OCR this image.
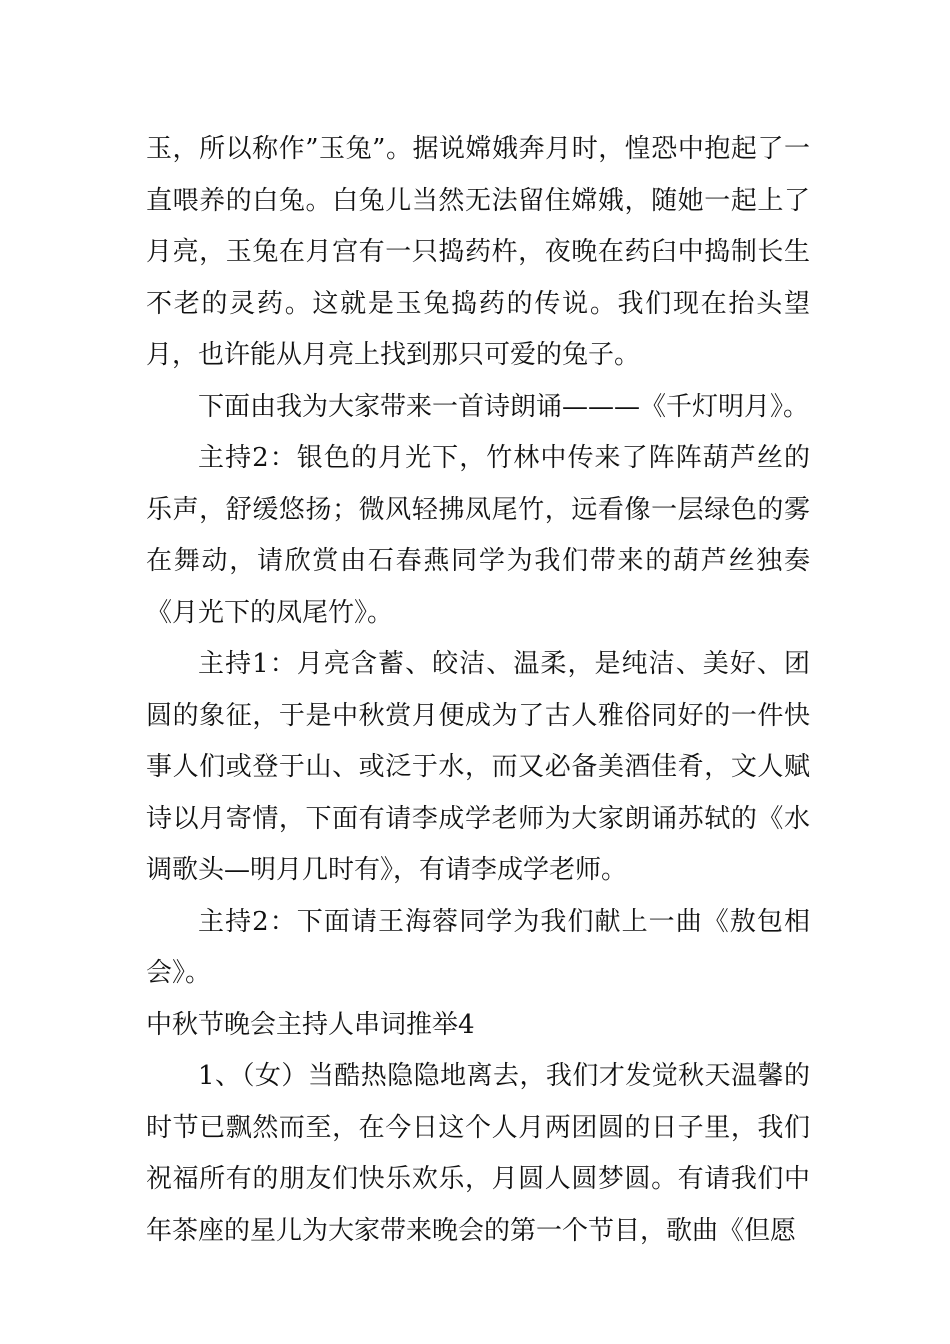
玉，所以称作”玉兔”。据说嫦娥奔月时，惶恐中抱起了一直喂养的白兔。白兔儿当然无法留住嫦娥，随她一起上了月亮，玉兔在月宫有一只捣药杵，夜晚在药臼中捣制长生不老的灵药。这就是玉兔捣药的传说。我们现在抬头望月，也许能从月亮上找到那只可爱的兔子。

下面由我为大家带来一首诗朗诵———《千灯明月》。

主持2：银色的月光下，竹林中传来了阵阵葫芦丝的乐声，舒缓悠扬；微风轻拂凤尾竹，远看像一层绿色的雾在舞动，请欣赏由石春燕同学为我们带来的葫芦丝独奏《月光下的凤尾竹》。

主持1：月亮含蓄、皎洁、温柔，是纯洁、美好、团圆的象征，于是中秋赏月便成为了古人雅俗同好的一件快事人们或登于山、或泛于水，而又必备美酒佳肴，文人赋诗以月寄情，下面有请李成学老师为大家朗诵苏轼的《水调歌头—明月几时有》，有请李成学老师。

主持2：下面请王海蓉同学为我们献上一曲《敖包相会》。

中秋节晚会主持人串词推举4

1、（女）当酷热隐隐地离去，我们才发觉秋天温馨的时节已飘然而至，在今日这个人月两团圆的日子里，我们祝福所有的朋友们快乐欢乐，月圆人圆梦圆。有请我们中年茶座的星儿为大家带来晚会的第一个节目，歌曲《但愿
